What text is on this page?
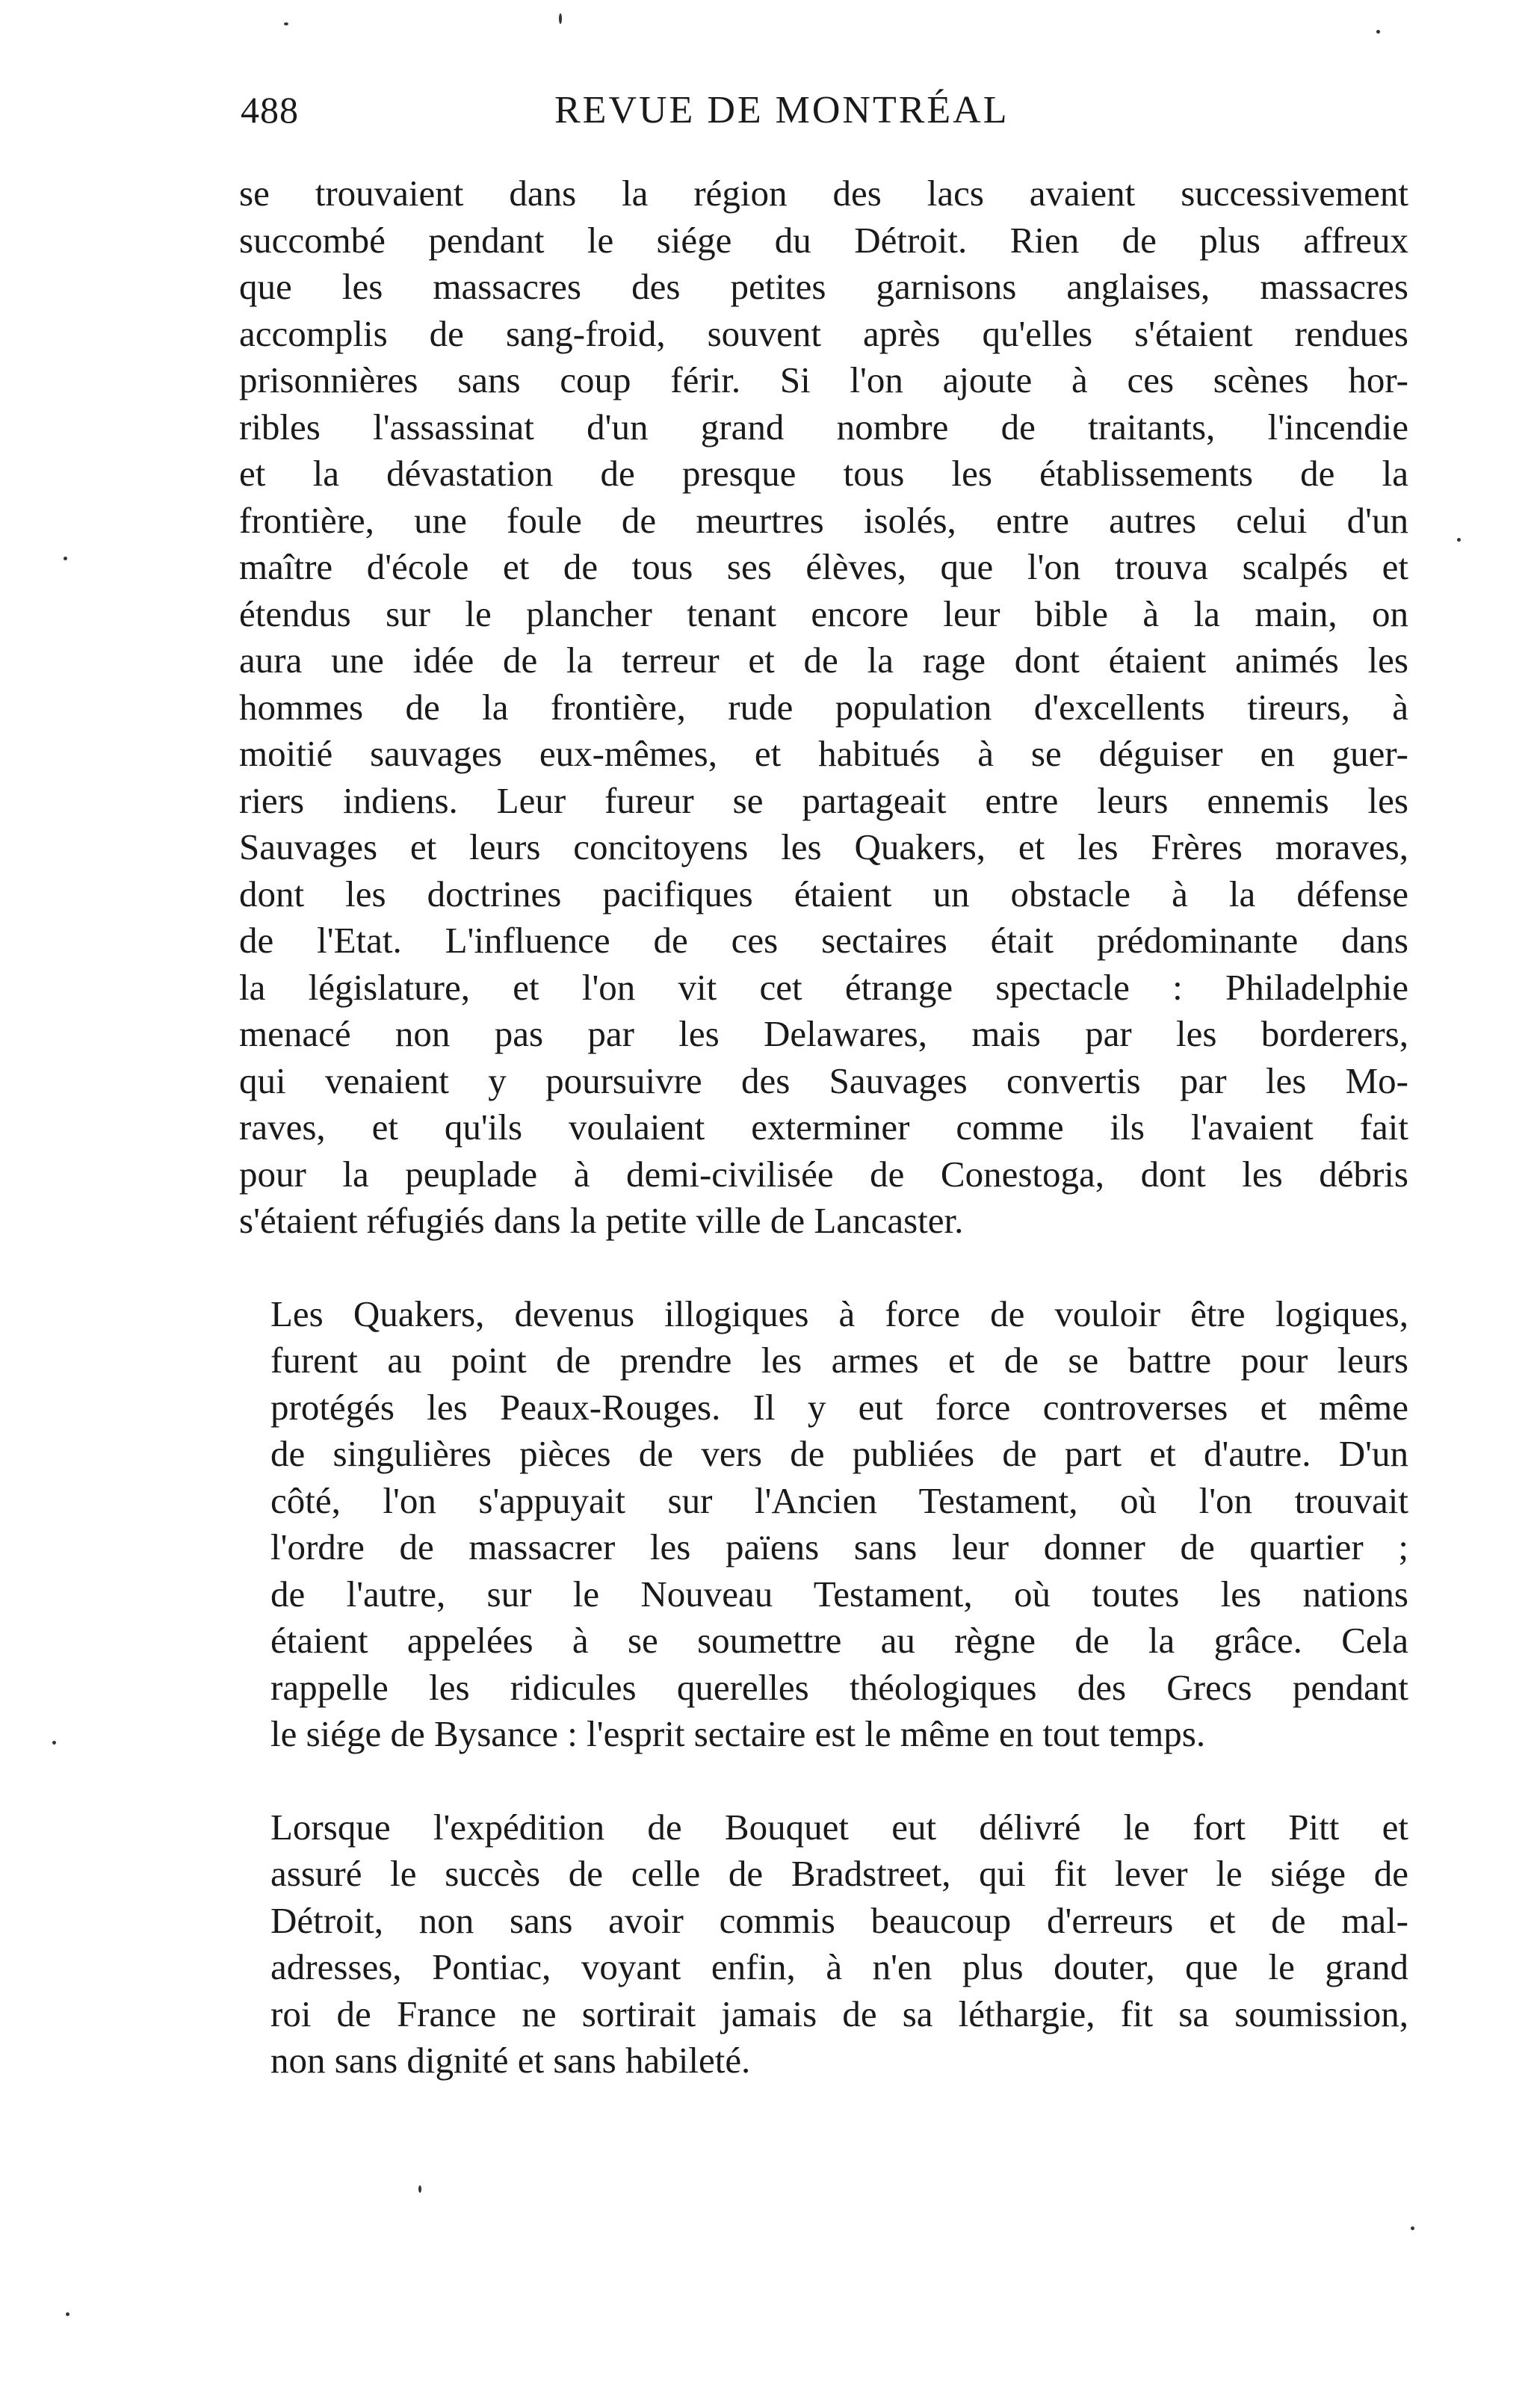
488	REVUE DE MONTRÉAL
se trouvaient dans la région des lacs avaient successivement
succombé pendant le siége du Détroit. Rien de plus affreux
que les massacres des petites garnisons anglaises, massacres
accomplis de sang-froid, souvent après qu'elles s'étaient rendues
prisonnières sans coup férir. Si l'on ajoute à ces scènes hor-
ribles l'assassinat d'un grand nombre de traitants, l'incendie
et la dévastation de presque tous les établissements de la
frontière, une foule de meurtres isolés, entre autres celui d'un
maître d'école et de tous ses élèves, que l'on trouva scalpés et
étendus sur le plancher tenant encore leur bible à la main, on
aura une idée de la terreur et de la rage dont étaient animés les
hommes de la frontière, rude population d'excellents tireurs, à
moitié sauvages eux-mêmes, et habitués à se déguiser en guer-
riers indiens. Leur fureur se partageait entre leurs ennemis les
Sauvages et leurs concitoyens les Quakers, et les Frères moraves,
dont les doctrines pacifiques étaient un obstacle à la défense
de l'Etat. L'influence de ces sectaires était prédominante dans
la législature, et l'on vit cet étrange spectacle : Philadelphie
menacé non pas par les Delawares, mais par les borderers,
qui venaient y poursuivre des Sauvages convertis par les Mo-
raves, et qu'ils voulaient exterminer comme ils l'avaient fait
pour la peuplade à demi-civilisée de Conestoga, dont les débris
s'étaient réfugiés dans la petite ville de Lancaster.
Les Quakers, devenus illogiques à force de vouloir être logiques,
furent au point de prendre les armes et de se battre pour leurs
protégés les Peaux-Rouges. Il y eut force controverses et même
de singulières pièces de vers de publiées de part et d'autre. D'un
côté, l'on s'appuyait sur l'Ancien Testament, où l'on trouvait
l'ordre de massacrer les païens sans leur donner de quartier ;
de l'autre, sur le Nouveau Testament, où toutes les nations
étaient appelées à se soumettre au règne de la grâce. Cela
rappelle les ridicules querelles théologiques des Grecs pendant
le siége de Bysance : l'esprit sectaire est le même en tout temps.
Lorsque l'expédition de Bouquet eut délivré le fort Pitt et
assuré le succès de celle de Bradstreet, qui fit lever le siége de
Détroit, non sans avoir commis beaucoup d'erreurs et de mal-
adresses, Pontiac, voyant enfin, à n'en plus douter, que le grand
roi de France ne sortirait jamais de sa léthargie, fit sa soumission,
non sans dignité et sans habileté.
